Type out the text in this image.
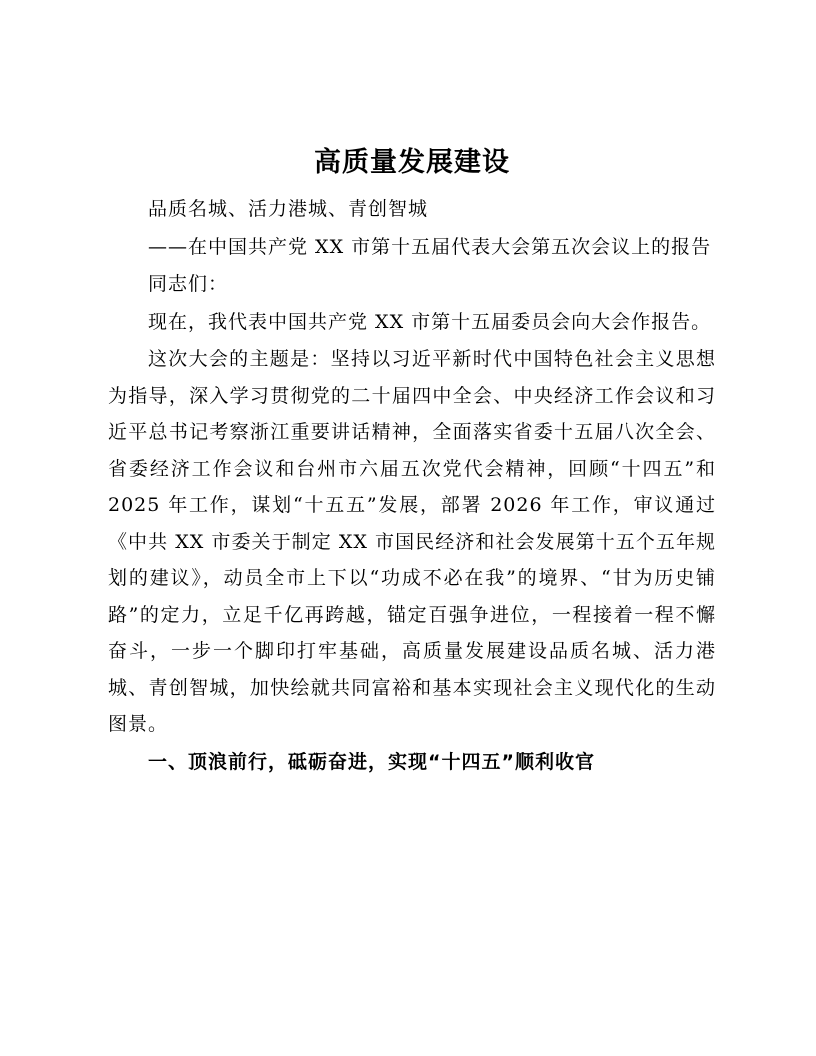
高质量发展建设

品质名城、活力港城、青创智城

——在中国共产党 XX 市第十五届代表大会第五次会议上的报告

同志们：

现在，我代表中国共产党 XX 市第十五届委员会向大会作报告。

这次大会的主题是：坚持以习近平新时代中国特色社会主义思想为指导，深入学习贯彻党的二十届四中全会、中央经济工作会议和习近平总书记考察浙江重要讲话精神，全面落实省委十五届八次全会、省委经济工作会议和台州市六届五次党代会精神，回顾“十四五”和 2025 年工作，谋划“十五五”发展，部署 2026 年工作，审议通过《中共 XX 市委关于制定 XX 市国民经济和社会发展第十五个五年规划的建议》，动员全市上下以“功成不必在我”的境界、“甘为历史铺路”的定力，立足千亿再跨越，锚定百强争进位，一程接着一程不懈奋斗，一步一个脚印打牢基础，高质量发展建设品质名城、活力港城、青创智城，加快绘就共同富裕和基本实现社会主义现代化的生动图景。

一、顶浪前行，砥砺奋进，实现“十四五”顺利收官
